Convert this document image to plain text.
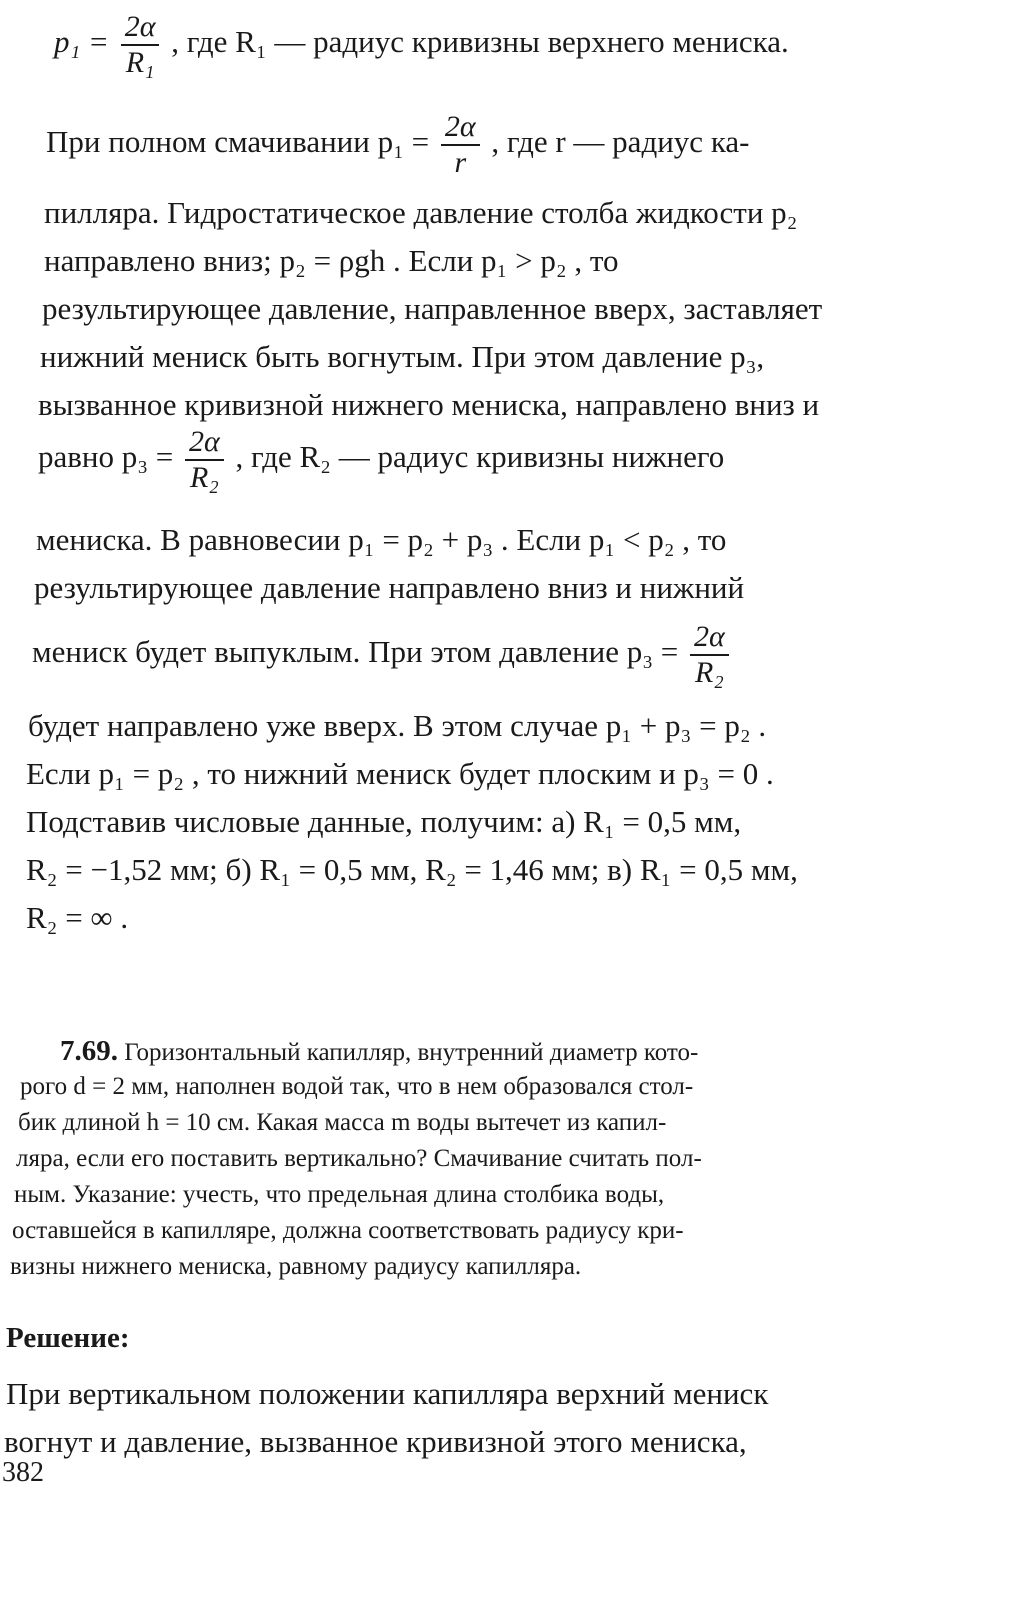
$p_1 = \frac{2\alpha}{\text{R₁}}$ , где R₁ — радиус кривизны верхнего мениска.
При полном смачивании $p_1 = \frac{2\alpha}{r}$ , где r — радиус ка-
пилляра. Гидростатическое давление столба жидкости p₂
направлено вниз; p₂ = ρgh . Если p₁ > p₂ , то
результирующее давление, направленное вверх, заставляет
нижний мениск быть вогнутым. При этом давление p₃,
вызванное кривизной нижнего мениска, направлено вниз и
равно $p_3 = \frac{2\alpha}{\text{R₂}}$ , где R₂ — радиус кривизны нижнего
мениска. В равновесии p₁ = p₂ + p₃ . Если p₁ < p₂ , то
результирующее давление направлено вниз и нижний
мениск будет выпуклым. При этом давление $p_3 = \frac{2\alpha}{\text{R₂}}$
будет направлено уже вверх. В этом случае p₁ + p₃ = p₂ .
Если p₁ = p₂ , то нижний мениск будет плоским и p₃ = 0 .
Подставив числовые данные, получим: а) R₁ = 0,5 мм,
R₂ = −1,52 мм; б) R₁ = 0,5 мм, R₂ = 1,46 мм; в) R₁ = 0,5 мм,
R₂ = ∞ .
7.69. Горизонтальный капилляр, внутренний диаметр кото-
рого d = 2 мм, наполнен водой так, что в нем образовался стол-
бик длиной h = 10 см. Какая масса m воды вытечет из капил-
ляра, если его поставить вертикально? Смачивание считать пол-
ным. Указание: учесть, что предельная длина столбика воды,
оставшейся в капилляре, должна соответствовать радиусу кри-
визны нижнего мениска, равному радиусу капилляра.
Решение:
При вертикальном положении капилляра верхний мениск
вогнут и давление, вызванное кривизной этого мениска,
382
